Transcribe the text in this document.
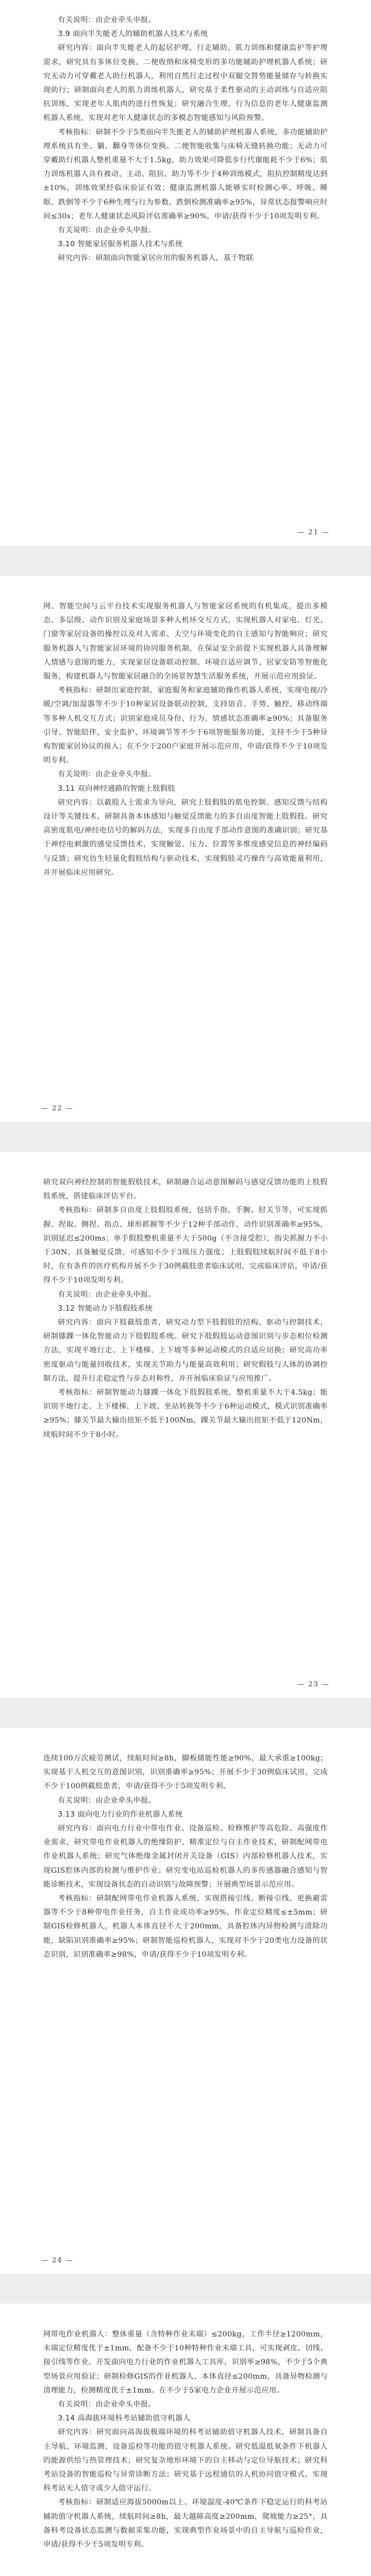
有关说明：由企业牵头申报。

3.9 面向半失能老人的辅助机器人技术与系统

研究内容：面向半失能老人的起居护理、行走辅助、肌力训练和健康监护等护理需求，研究具有多体位变换、二便收纳和床椅变形的多功能辅助护理机器人系统；研究无动力可穿戴老人助行机器人，利用自然行走过程中双腿交替势能量储存与转换实现助行；研制面向老人的肌力训练机器人，研究基于柔性驱动的主动训练与自适应阻抗训练，实现老年人肌肉的进行性恢复；研究融合生理、行为信息的老年人健康监测机器人系统，实现对老年人健康状态的多模态智能感知与风险预警。

考核指标：研制不少于5类面向半失能老人的辅助护理机器人系统，多功能辅助护理系统具有坐、躺、翻身等体位变换、二便智能收集与床椅无缝转换功能；无动力可穿戴助行机器人整机重量不大于1.5kg，助力效果可降低步行代谢能耗不少于6%；肌力训练机器人具有被动、主动、阻抗、助力等不少于4种训练模式，阻抗控制精度达到±10%，训练效果经临床验证有效；健康监测机器人能够实时检测心率、呼吸、睡眠、跌倒等不少于6种生理与行为参数，跌倒检测准确率≥95%，异常状态报警响应时间≤30s；老年人健康状态风险评估准确率≥90%，申请/获得不少于10项发明专利。

有关说明：由企业牵头申报。

3.10 智能家居服务机器人技术与系统

研究内容：研制面向智能家居应用的服务机器人，基于物联

— 21 —

网、智能空间与云平台技术实现服务机器人与智能家居系统的有机集成，提出多模态、多层级、动作识别及家庭场景多种人机环交互方式，实现机器人对家电、灯光、门窗等家居设备的操控以及对人需求、天空与环境变化的自主感知与智能响应；研究服务机器人与智能家居环境的协同服务机制，在保证安全前提下实现机器人具备理解人情感与意图的能力，实现家居设备联动控制、环境自适应调节、居家安防等智能化服务，构建机器人与智能家居融合的全场景智慧生活服务系统，开展示范应用验证。

考核指标：研制出家庭控制、家庭服务和家庭辅助操作机器人系统，实现电视/冷暖/空调/加湿器等不少于10种家居设备联动控制，支持语音、手势、触控、移动终端等多种人机交互方式；识别家庭成员身份、行为、情感状态准确率≥90%；具备服务引导、智能陪伴、安全监护、环境调节等不少于6项智能服务功能，支持不少于5种异构智能家居协议的接入；在不少于200户家庭开展示范应用，申请/获得不少于10项发明专利。

有关说明：由企业牵头申报。

3.11 双向神经通路的智能上肢假肢

研究内容：以截肢人士需求为导向，研究上肢假肢的肌电控制、感知反馈与结构设计等关键技术，研制具备本体感知与触觉反馈能力的多自由度智能上肢假肢。研究高密度肌电/神经电信号的解码方法，实现多自由度手部动作意图的准确识别；研究基于神经电刺激的感觉反馈技术，实现触觉、压力、位置等多维度感觉信息的神经编码与反馈；研究仿生轻量化假肢结构与驱动技术，实现假肢灵巧操作与高效能量利用，并开展临床应用研究。

— 22 —

研究双向神经控制的智能假肢技术，研制融合运动意图解码与感觉反馈功能的上肢假肢系统，搭建临床评估平台。

考核指标：研制多自由度上肢假肢系统，包括手指、手腕、肘关节等，可实现抓握、捏取、侧捏、指点、球形抓握等不少于12种手部动作，动作识别准确率≥95%，识别延迟≤200ms；单手假肢整机重量不大于500g（不含接受腔），指尖抓握力不小于30N，具备触觉反馈，可感知不少于3级压力强度；上肢假肢续航时间不低于8小时，在有条件的医疗机构开展不少于30例截肢患者临床试用，完成临床评估，申请/获得不少于10项发明专利。

有关说明：由企业牵头申报。

3.12 智能动力下肢假肢系统

研究内容：面向下肢截肢患者，研究动力型下肢假肢的结构、驱动与控制技术，研制膝踝一体化智能动力下肢假肢系统。研究下肢假肢运动意图识别与步态相位检测方法，实现平地行走、上下楼梯、上下坡等多种运动模式的自适应切换；研究高功率密度驱动与能量回收技术，实现关节助力与能量高效利用；研究假肢与人体的协调控制方法，提升行走稳定性与步态对称性，并开展临床验证与应用推广。

考核指标：研制智能动力膝踝一体化下肢假肢系统，整机重量不大于4.5kg；能识别平地行走、上下楼梯、上下坡、坐站转换等不少于6种运动模式，模式识别准确率≥95%；膝关节最大输出扭矩不低于100Nm，踝关节最大输出扭矩不低于120Nm，续航时间不少于8小时。

— 23 —

连续100万次疲劳测试，续航时间≥8h，脚板储能性能≥90%，最大承重≥100kg；实现基于人机交互的意图识别，识别准确率≥95%；开展不少于30例临床试用，完成不少于100例截肢患者，申请/获得不少于5项发明专利。

有关说明：由企业牵头申报。

3.13 面向电力行业的作业机器人系统

研究内容：面向电力行业中带电作业、设备巡检、检修维护等高危险、高强度作业需求，研究带电作业机器人的绝缘防护、精准定位与自主作业技术，研制配网带电作业机器人系统；研究气体绝缘金属封闭开关设备（GIS）内部检修机器人技术，实现GIS腔体内部的检测与维护作业；研究变电站巡检机器人的多传感器融合感知与智能诊断技术，实现设备状态的自动识别与故障预警；开展典型场景示范应用。

考核指标：研制配网带电作业机器人系统，实现搭接引线、断接引线、更换避雷器等不少于8种带电作业任务，自主作业成功率≥95%，作业定位精度≤±5mm；研制GIS检修机器人，机器人本体直径不大于200mm，具备腔体内异物检测与清除功能，缺陷识别准确率≥95%；研制智能巡检机器人，实现对不少于20类电力设备的状态识别，识别准确率≥98%，申请/获得不少于10项发明专利。

— 24 —

网带电作业机器人：整体重量（含特种作业末端）≤200kg，工作半径≥1200mm，末端定位精度优于±1mm，配备不少于10种特种作业末端工具，可实现剥皮、切线、接引线等作业。开发面向电力行业的作业机器人工具库，识别率≥98%，不少于5个典型场景应用验证；研制检修GIS的作业机器人，本体直径≤200mm，具备异物检测与清理能力，检测精度优于±1mm。在不少于5家电力企业开展示范应用。

有关说明：由企业牵头申报。

3.14 高海拔环境科考站辅助值守机器人

研究内容：研究面向高海拔极端环境的科考站辅助值守机器人技术，研制具备自主导航、环境监测、设备巡检等功能的值守机器人系统。研究低温低氧条件下机器人的能源供给与热管理技术；研究复杂地形环境下的自主移动与定位导航技术；研究科考站设备的智能巡检与异常诊断方法；研究基于远程通信的人机协同值守模式，实现科考站无人值守或少人值守运行。

考核指标：研制适应海拔5000m以上、环境温度-40℃条件下稳定运行的科考站辅助值守机器人系统，续航时间≥8h，最大越障高度≥200mm，爬坡能力≥25°，具备科考设备状态监测与数据采集功能，实现典型作业场景中的自主导航与巡检作业，申请/获得不少于5项发明专利。
